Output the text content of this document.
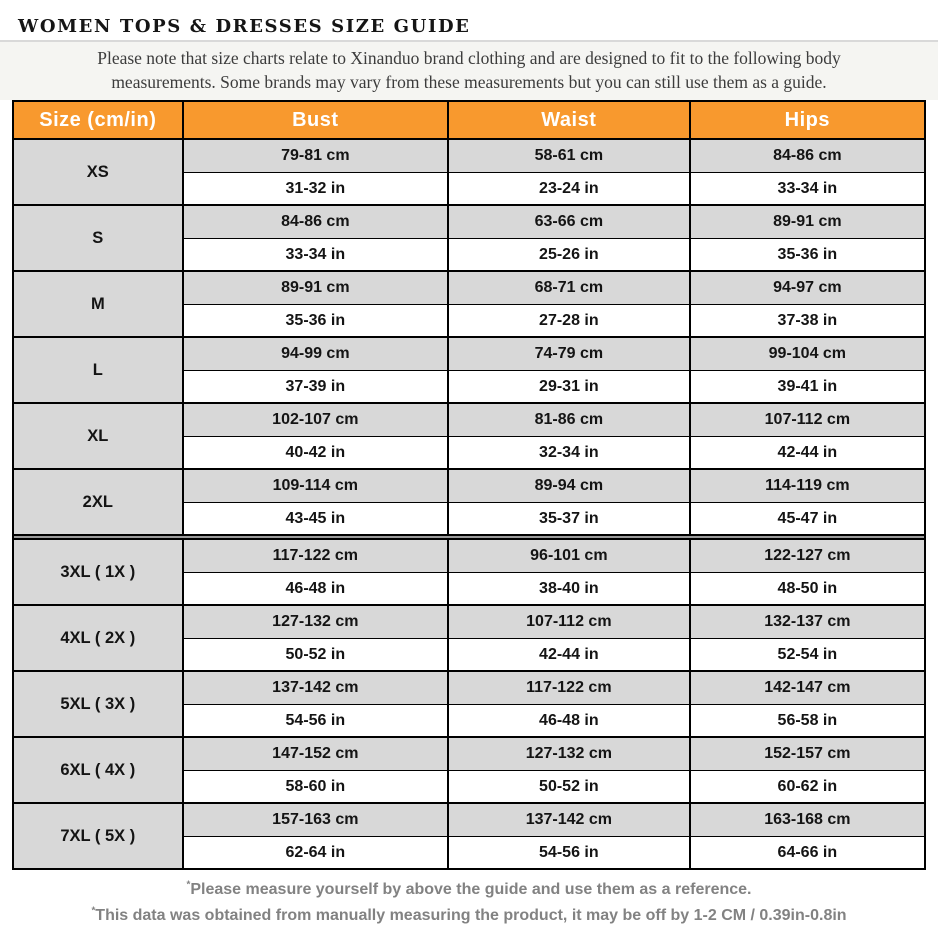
WOMEN TOPS & DRESSES SIZE GUIDE
Please note that size charts relate to Xinanduo brand clothing and are designed to fit to the following body
measurements. Some brands may vary from these measurements but you can still use them as a guide.
Size (cm/in)	Bust	Waist	Hips
XS	79-81 cm	58-61 cm	84-86 cm
	31-32 in	23-24 in	33-34 in
S	84-86 cm	63-66 cm	89-91 cm
	33-34 in	25-26 in	35-36 in
M	89-91 cm	68-71 cm	94-97 cm
	35-36 in	27-28 in	37-38 in
L	94-99 cm	74-79 cm	99-104 cm
	37-39 in	29-31 in	39-41 in
XL	102-107 cm	81-86 cm	107-112 cm
	40-42 in	32-34 in	42-44 in
2XL	109-114 cm	89-94 cm	114-119 cm
	43-45 in	35-37 in	45-47 in

3XL ( 1X )	117-122 cm	96-101 cm	122-127 cm
	46-48 in	38-40 in	48-50 in
4XL ( 2X )	127-132 cm	107-112 cm	132-137 cm
	50-52 in	42-44 in	52-54 in
5XL ( 3X )	137-142 cm	117-122 cm	142-147 cm
	54-56 in	46-48 in	56-58 in
6XL ( 4X )	147-152 cm	127-132 cm	152-157 cm
	58-60 in	50-52 in	60-62 in
7XL ( 5X )	157-163 cm	137-142 cm	163-168 cm
	62-64 in	54-56 in	64-66 in
*Please measure yourself by above the guide and use them as a reference.
*This data was obtained from manually measuring the product, it may be off by 1-2 CM / 0.39in-0.8in
